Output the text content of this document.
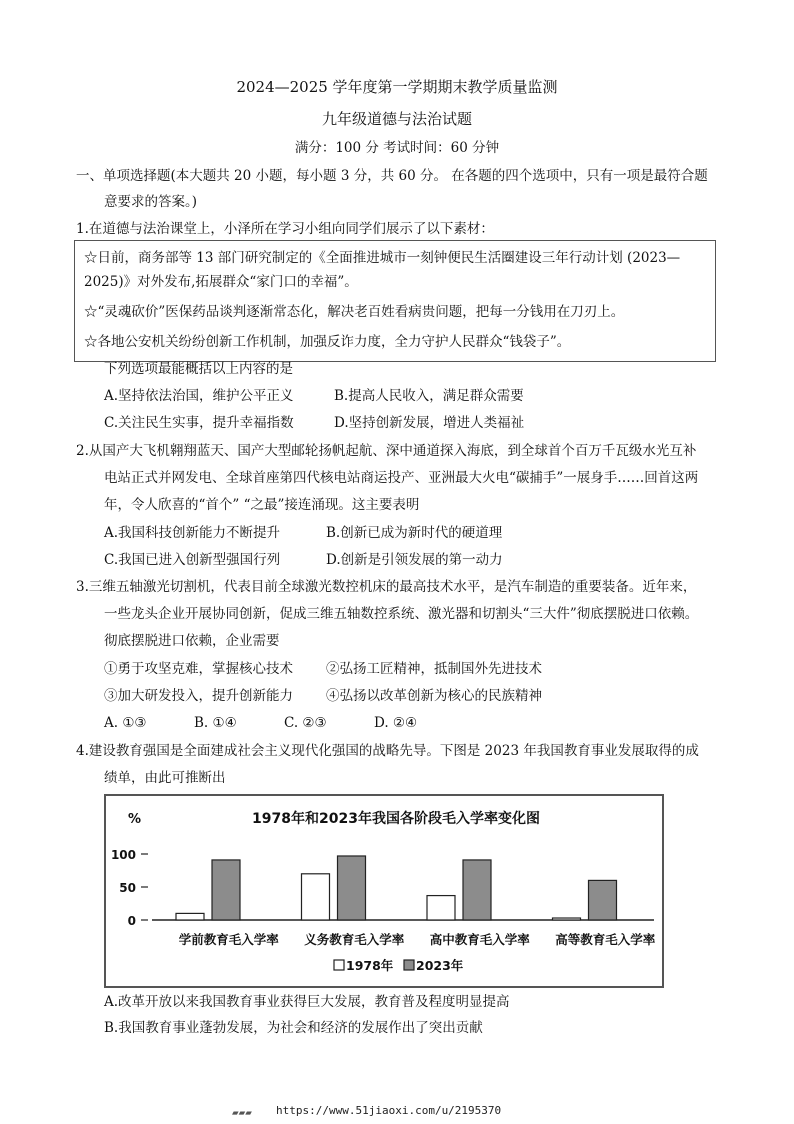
2024—2025 学年度第一学期期末教学质量监测
九年级道德与法治试题
满分：100 分 考试时间：60 分钟
一、单项选择题(本大题共 20 小题，每小题 3 分，共 60 分。 在各题的四个选项中，只有一项是最符合题
意要求的答案。)
1.在道德与法治课堂上，小泽所在学习小组向同学们展示了以下素材：
☆日前，商务部等 13 部门研究制定的《全面推进城市一刻钟便民生活圈建设三年行动计划 (2023—
2025)》对外发布,拓展群众“家门口的幸福”。
☆“灵魂砍价”医保药品谈判逐渐常态化，解决老百姓看病贵问题，把每一分钱用在刀刃上。
☆各地公安机关纷纷创新工作机制，加强反诈力度，全力守护人民群众“钱袋子”。
下列选项最能概括以上内容的是
A.坚持依法治国，维护公平正义	B.提高人民收入，满足群众需要
C.关注民生实事，提升幸福指数	D.坚持创新发展，增进人类福祉
2.从国产大飞机翱翔蓝天、国产大型邮轮扬帆起航、深中通道探入海底，到全球首个百万千瓦级水光互补
电站正式并网发电、全球首座第四代核电站商运投产、亚洲最大火电“碳捕手”一展身手……回首这两
年，令人欣喜的“首个” “之最”接连涌现。这主要表明
A.我国科技创新能力不断提升	B.创新已成为新时代的硬道理
C.我国已进入创新型强国行列	D.创新是引领发展的第一动力
3.三维五轴激光切割机，代表目前全球激光数控机床的最高技术水平，是汽车制造的重要装备。近年来，
一些龙头企业开展协同创新，促成三维五轴数控系统、激光器和切割头“三大件”彻底摆脱进口依赖。
彻底摆脱进口依赖，企业需要
①勇于攻坚克难，掌握核心技术 ②弘扬工匠精神，抵制国外先进技术
③加大研发投入，提升创新能力 ④弘扬以改革创新为核心的民族精神
A. ①③	B. ①④	C. ②③	D. ②④
4.建设教育强国是全面建成社会主义现代化强国的战略先导。下图是 2023 年我国教育事业发展取得的成
绩单，由此可推断出
1978年和2023年我国各阶段毛入学率变化图
%
100
50
0
学前教育毛入学率 义务教育毛入学率 高中教育毛入学率 高等教育毛入学率
1978年 2023年
A.改革开放以来我国教育事业获得巨大发展，教育普及程度明显提高
B.我国教育事业蓬勃发展，为社会和经济的发展作出了突出贡献
▰▰▰ https://www.51jiaoxi.com/u/2195370
